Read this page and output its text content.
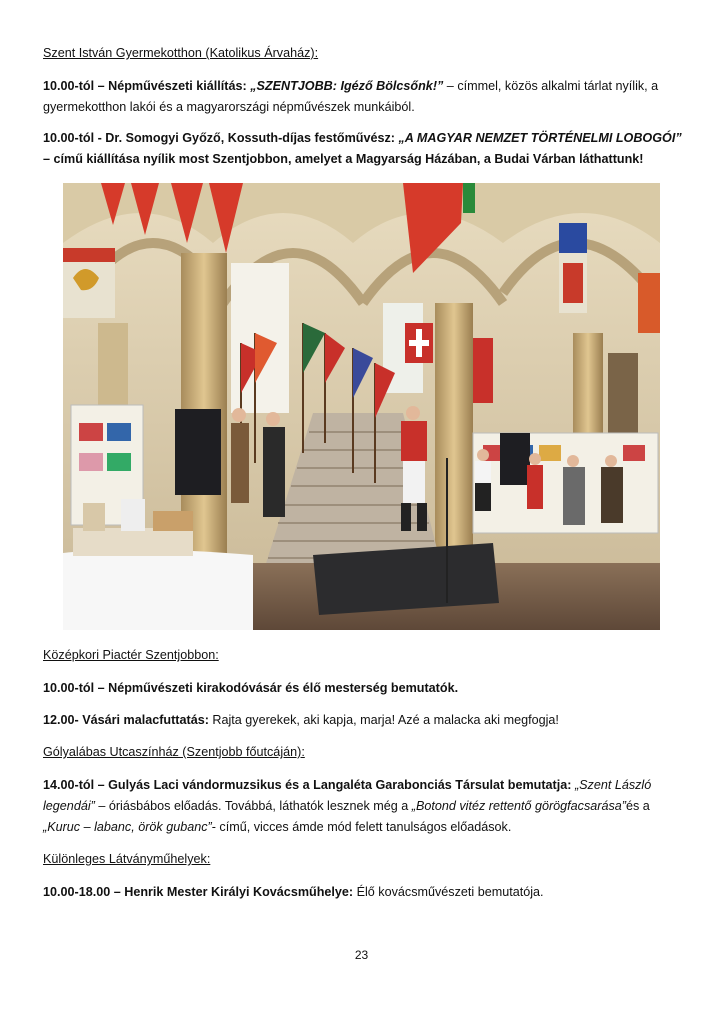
Szent István Gyermekotthon (Katolikus Árvaház):

10.00-tól – Népművészeti kiállítás: „SZENTJOBB: Igéző Bölcsőnk!” – címmel, közös alkalmi tárlat nyílik, a gyermekotthon lakói és a magyarországi népművészek munkáiból.

10.00-tól - Dr. Somogyi Győző, Kossuth-díjas festőművész: „A MAGYAR NEMZET TÖRTÉNELMI LOBOGÓI” – című kiállítása nyílik most Szentjobbon, amelyet a Magyarság Házában, a Budai Várban láthattunk!

Középkori Piactér Szentjobbon:

10.00-tól – Népművészeti kirakodóvásár és élő mesterség bemutatók.

12.00- Vásári malacfuttatás: Rajta gyerekek, aki kapja, marja! Azé a malacka aki megfogja!

Gólyalábas Utcaszínház (Szentjobb főutcáján):

14.00-tól – Gulyás Laci vándormuzsikus és a Langaléta Garabonciás Társulat bemutatja: „Szent László legendái” – óriásbábos előadás. Továbbá, láthatók lesznek még a „Botond vitéz rettentő görögfacsarása”és a „Kuruc – labanc, örök gubanc”- című, vicces ámde mód felett tanulságos előadások.

Különleges Látványműhelyek:

10.00-18.00 – Henrik Mester Királyi Kovácsműhelye: Élő kovácsművészeti bemutatója.

23
